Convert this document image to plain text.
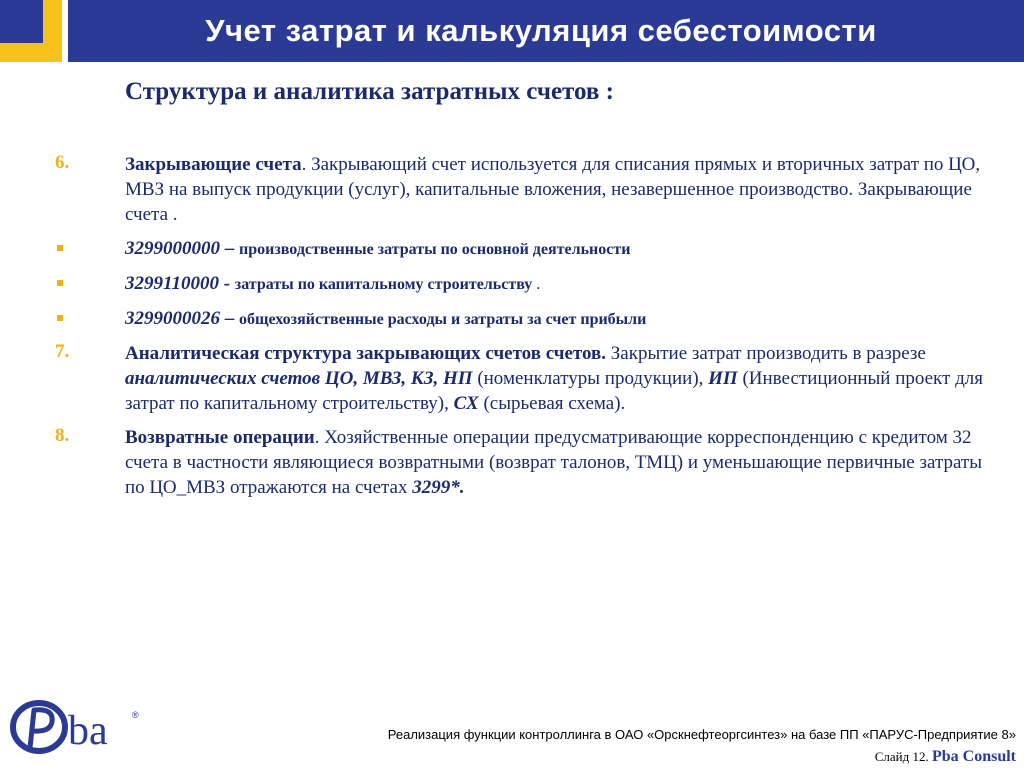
Учет затрат и калькуляция себестоимости
Структура и аналитика затратных счетов :
6.	Закрывающие счета. Закрывающий счет используется для списания прямых и вторичных затрат по ЦО, МВЗ на выпуск продукции (услуг), капитальные вложения, незавершенное производство. Закрывающие счета .
3299000000 – производственные затраты по основной деятельности
3299110000 - затраты по капитальному строительству .
3299000026 – общехозяйственные расходы и затраты за счет прибыли
7.	Аналитическая структура закрывающих счетов счетов. Закрытие затрат производить в разрезе аналитических счетов ЦО, МВЗ, КЗ, НП (номенклатуры продукции), ИП (Инвестиционный проект для затрат по капитальному строительству), СХ (сырьевая схема).
8.	Возвратные операции. Хозяйственные операции предусматривающие корреспонденцию с кредитом 32 счета в частности являющиеся возвратными (возврат талонов, ТМЦ) и уменьшающие первичные затраты по ЦО_МВЗ отражаются на счетах 3299*.
ba	®
Реализация функции контроллинга в ОАО «Орскнефтеоргсинтез» на базе ПП «ПАРУС-Предприятие 8»
Слайд 12. Pba Consult
